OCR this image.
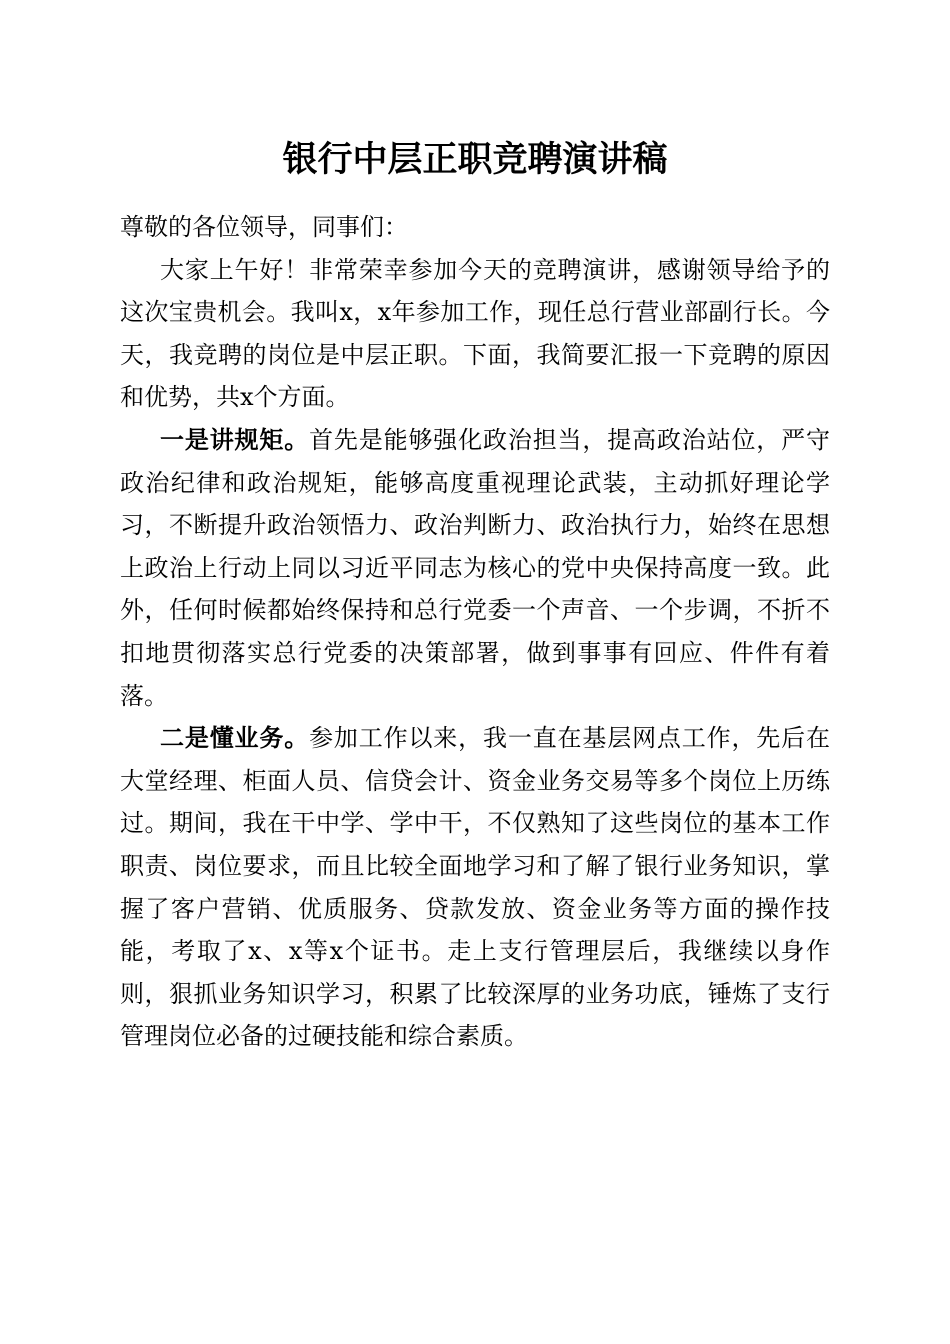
银行中层正职竞聘演讲稿

尊敬的各位领导，同事们：

大家上午好！非常荣幸参加今天的竞聘演讲，感谢领导给予的这次宝贵机会。我叫x，x年参加工作，现任总行营业部副行长。今天，我竞聘的岗位是中层正职。下面，我简要汇报一下竞聘的原因和优势，共x个方面。

一是讲规矩。首先是能够强化政治担当，提高政治站位，严守政治纪律和政治规矩，能够高度重视理论武装，主动抓好理论学习，不断提升政治领悟力、政治判断力、政治执行力，始终在思想上政治上行动上同以习近平同志为核心的党中央保持高度一致。此外，任何时候都始终保持和总行党委一个声音、一个步调，不折不扣地贯彻落实总行党委的决策部署，做到事事有回应、件件有着落。

二是懂业务。参加工作以来，我一直在基层网点工作，先后在大堂经理、柜面人员、信贷会计、资金业务交易等多个岗位上历练过。期间，我在干中学、学中干，不仅熟知了这些岗位的基本工作职责、岗位要求，而且比较全面地学习和了解了银行业务知识，掌握了客户营销、优质服务、贷款发放、资金业务等方面的操作技能，考取了x、x等x个证书。走上支行管理层后，我继续以身作则，狠抓业务知识学习，积累了比较深厚的业务功底，锤炼了支行管理岗位必备的过硬技能和综合素质。
